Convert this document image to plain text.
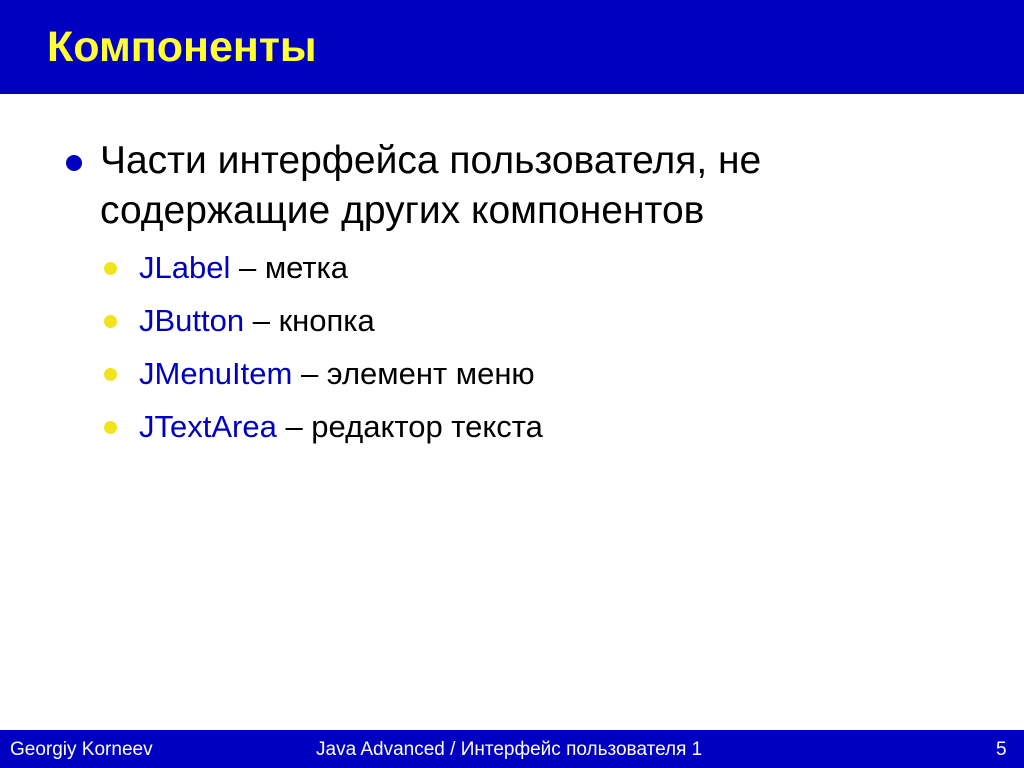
Компоненты
Части интерфейса пользователя, не содержащие других компонентов
JLabel – метка
JButton – кнопка
JMenuItem – элемент меню
JTextArea – редактор текста
Georgiy Korneev	Java Advanced / Интерфейс пользователя 1	5
